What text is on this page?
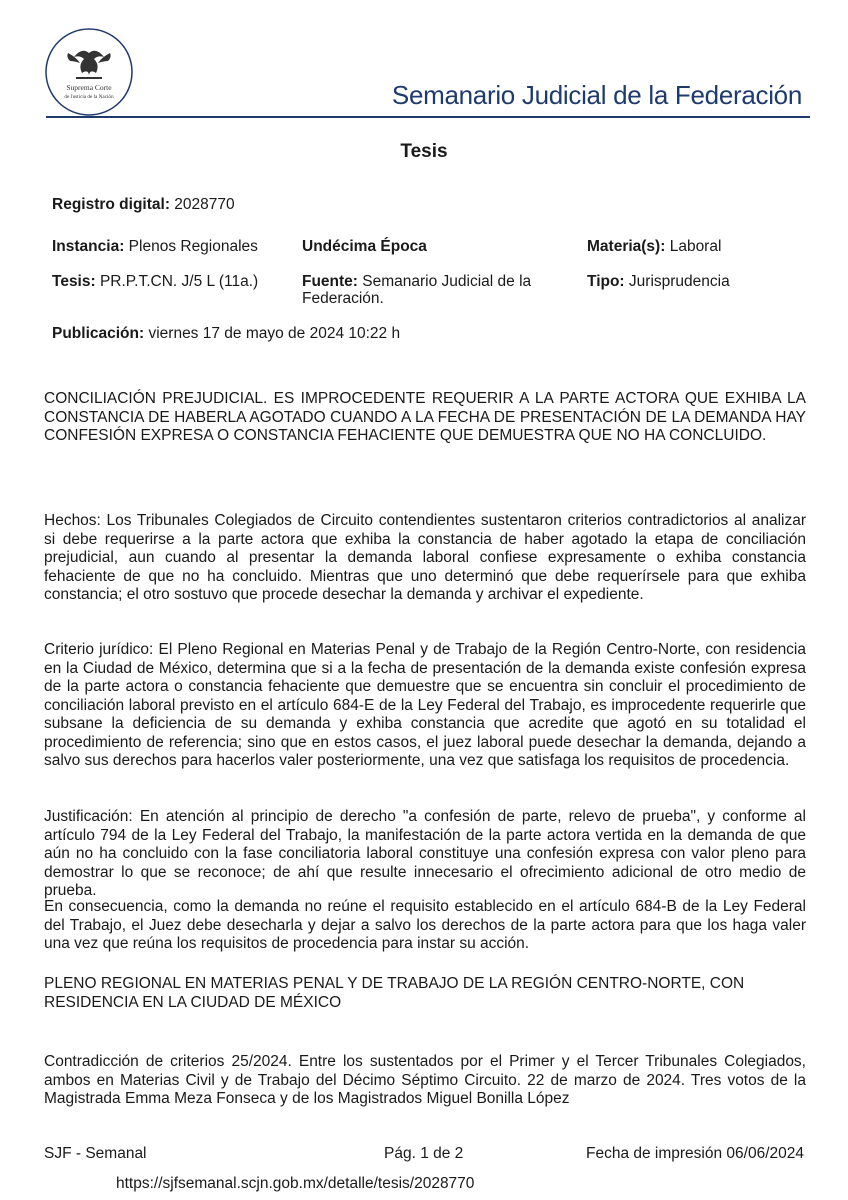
Suprema Corte
de Justicia de la Nación	Semanario Judicial de la Federación
Tesis
Registro digital: 2028770
Instancia: Plenos Regionales	Undécima Época	Materia(s): Laboral
Tesis: PR.P.T.CN. J/5 L (11a.)	Fuente: Semanario Judicial de la
Federación.
Tipo: Jurisprudencia
Publicación: viernes 17 de mayo de 2024 10:22 h

CONCILIACIÓN PREJUDICIAL. ES IMPROCEDENTE REQUERIR A LA PARTE ACTORA QUE EXHIBA LA CONSTANCIA DE HABERLA AGOTADO CUANDO A LA FECHA DE PRESENTACIÓN DE LA DEMANDA HAY CONFESIÓN EXPRESA O CONSTANCIA FEHACIENTE QUE DEMUESTRA QUE NO HA CONCLUIDO.

Hechos: Los Tribunales Colegiados de Circuito contendientes sustentaron criterios contradictorios al analizar si debe requerirse a la parte actora que exhiba la constancia de haber agotado la etapa de conciliación prejudicial, aun cuando al presentar la demanda laboral confiese expresamente o exhiba constancia fehaciente de que no ha concluido. Mientras que uno determinó que debe requerírsele para que exhiba constancia; el otro sostuvo que procede desechar la demanda y archivar el expediente.

Criterio jurídico: El Pleno Regional en Materias Penal y de Trabajo de la Región Centro-Norte, con residencia en la Ciudad de México, determina que si a la fecha de presentación de la demanda existe confesión expresa de la parte actora o constancia fehaciente que demuestre que se encuentra sin concluir el procedimiento de conciliación laboral previsto en el artículo 684-E de la Ley Federal del Trabajo, es improcedente requerirle que subsane la deficiencia de su demanda y exhiba constancia que acredite que agotó en su totalidad el procedimiento de referencia; sino que en estos casos, el juez laboral puede desechar la demanda, dejando a salvo sus derechos para hacerlos valer posteriormente, una vez que satisfaga los requisitos de procedencia.

Justificación: En atención al principio de derecho "a confesión de parte, relevo de prueba", y conforme al artículo 794 de la Ley Federal del Trabajo, la manifestación de la parte actora vertida en la demanda de que aún no ha concluido con la fase conciliatoria laboral constituye una confesión expresa con valor pleno para demostrar lo que se reconoce; de ahí que resulte innecesario el ofrecimiento adicional de otro medio de prueba.

En consecuencia, como la demanda no reúne el requisito establecido en el artículo 684-B de la Ley Federal del Trabajo, el Juez debe desecharla y dejar a salvo los derechos de la parte actora para que los haga valer una vez que reúna los requisitos de procedencia para instar su acción.

PLENO REGIONAL EN MATERIAS PENAL Y DE TRABAJO DE LA REGIÓN CENTRO-NORTE, CON RESIDENCIA EN LA CIUDAD DE MÉXICO

Contradicción de criterios 25/2024. Entre los sustentados por el Primer y el Tercer Tribunales Colegiados, ambos en Materias Civil y de Trabajo del Décimo Séptimo Circuito. 22 de marzo de 2024. Tres votos de la Magistrada Emma Meza Fonseca y de los Magistrados Miguel Bonilla López

SJF - Semanal	Pág. 1 de 2	Fecha de impresión 06/06/2024
https://sjfsemanal.scjn.gob.mx/detalle/tesis/2028770
